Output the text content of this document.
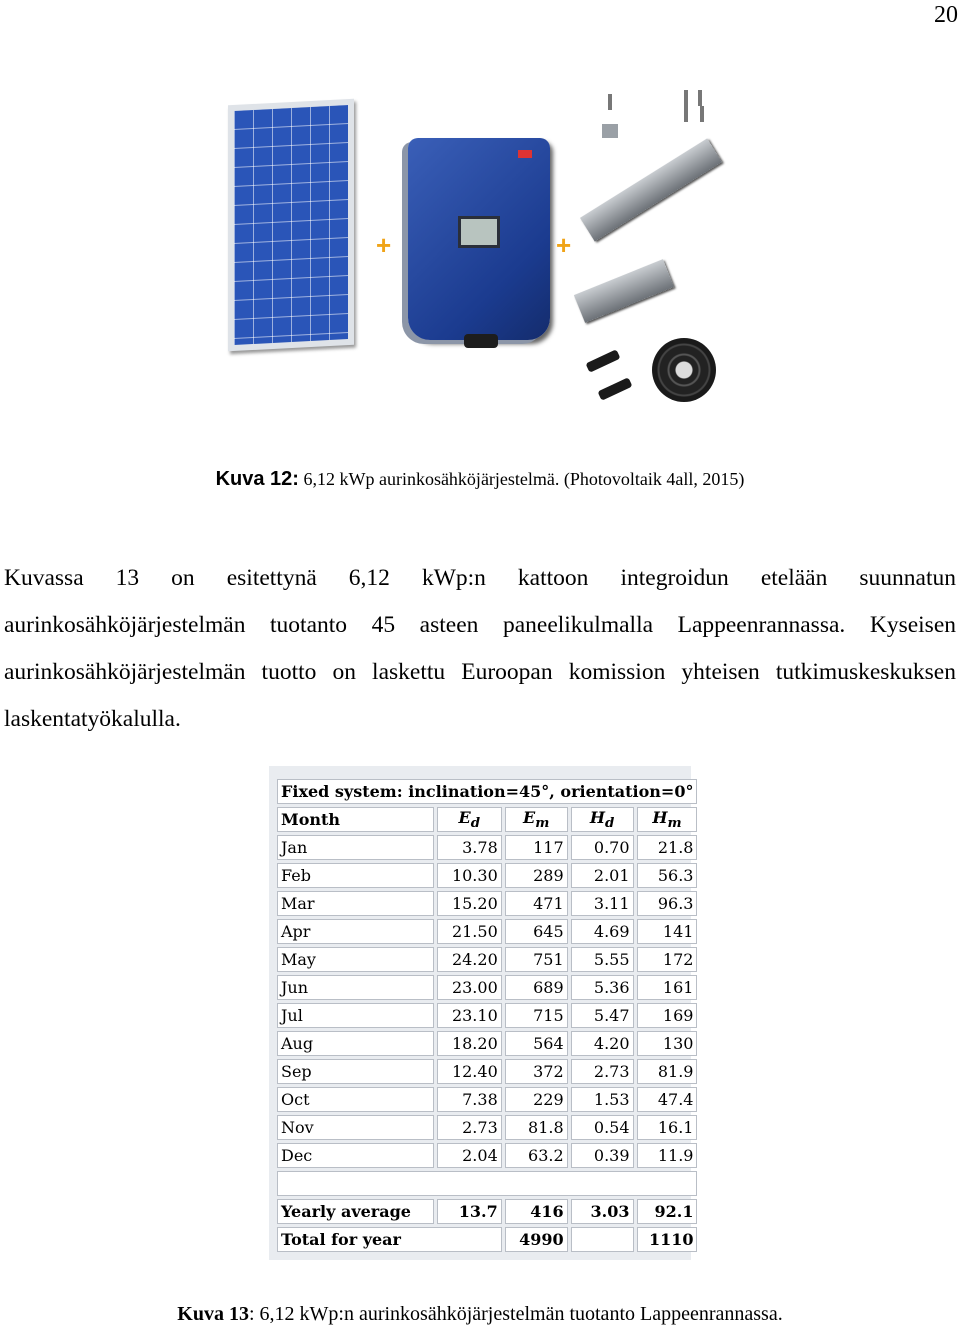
20
+	+
Kuva 12: 6,12 kWp aurinkosähköjärjestelmä. (Photovoltaik 4all, 2015)
Kuvassa 13 on esitettynä 6,12 kWp:n kattoon integroidun etelään suunnatun aurinkosähköjärjestelmän tuotanto 45 asteen paneelikulmalla Lappeenrannassa. Kyseisen aurinkosähköjärjestelmän tuotto on laskettu Euroopan komission yhteisen tutkimuskeskuksen laskentatyökalulla.
Fixed system: inclination=45°, orientation=0°				
Month	$E_d$	$E_m$	$H_d$	$H_m$
Jan	3.78	117	0.70	21.8
Feb	10.30	289	2.01	56.3
Mar	15.20	471	3.11	96.3
Apr	21.50	645	4.69	141
May	24.20	751	5.55	172
Jun	23.00	689	5.36	161
Jul	23.10	715	5.47	169
Aug	18.20	564	4.20	130
Sep	12.40	372	2.73	81.9
Oct	7.38	229	1.53	47.4
Nov	2.73	81.8	0.54	16.1
Dec	2.04	63.2	0.39	11.9

Yearly average	13.7	416	3.03	92.1
Total for year		4990		1110
Kuva 13: 6,12 kWp:n aurinkosähköjärjestelmän tuotanto Lappeenrannassa.
